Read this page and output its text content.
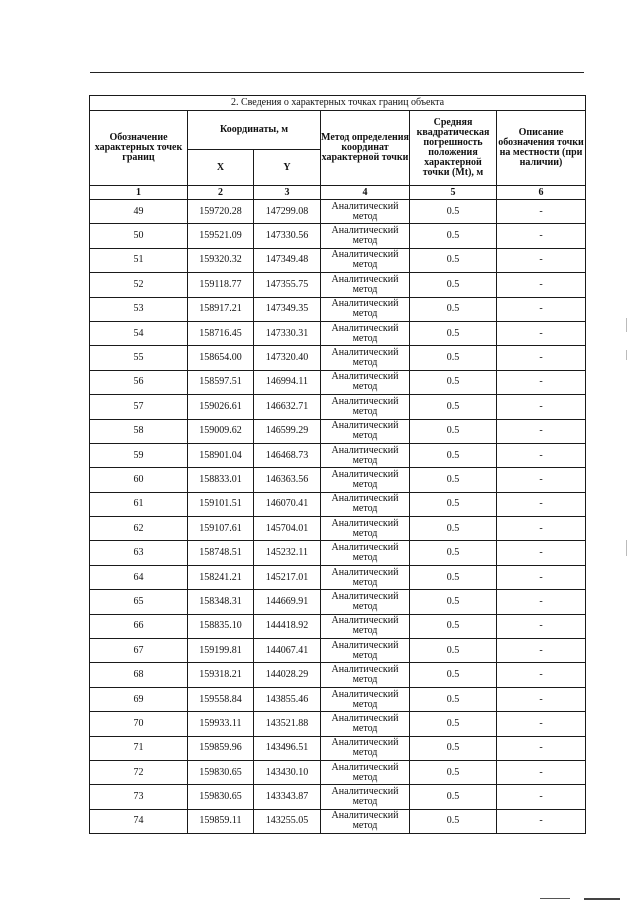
2. Сведения о характерных точках границ объекта					
Обозначение характерных точек границ	Координаты, м		Метод определения координат характерной точки	Средняя квадратическая погрешность положения характерной точки (Mt), м	Описание обозначения точки на местности (при наличии)
	X	Y			
1	2	3	4	5	6
49	159720.28	147299.08	Аналитический метод	0.5	-
50	159521.09	147330.56	Аналитический метод	0.5	-
51	159320.32	147349.48	Аналитический метод	0.5	-
52	159118.77	147355.75	Аналитический метод	0.5	-
53	158917.21	147349.35	Аналитический метод	0.5	-
54	158716.45	147330.31	Аналитический метод	0.5	-
55	158654.00	147320.40	Аналитический метод	0.5	-
56	158597.51	146994.11	Аналитический метод	0.5	-
57	159026.61	146632.71	Аналитический метод	0.5	-
58	159009.62	146599.29	Аналитический метод	0.5	-
59	158901.04	146468.73	Аналитический метод	0.5	-
60	158833.01	146363.56	Аналитический метод	0.5	-
61	159101.51	146070.41	Аналитический метод	0.5	-
62	159107.61	145704.01	Аналитический метод	0.5	-
63	158748.51	145232.11	Аналитический метод	0.5	-
64	158241.21	145217.01	Аналитический метод	0.5	-
65	158348.31	144669.91	Аналитический метод	0.5	-
66	158835.10	144418.92	Аналитический метод	0.5	-
67	159199.81	144067.41	Аналитический метод	0.5	-
68	159318.21	144028.29	Аналитический метод	0.5	-
69	159558.84	143855.46	Аналитический метод	0.5	-
70	159933.11	143521.88	Аналитический метод	0.5	-
71	159859.96	143496.51	Аналитический метод	0.5	-
72	159830.65	143430.10	Аналитический метод	0.5	-
73	159830.65	143343.87	Аналитический метод	0.5	-
74	159859.11	143255.05	Аналитический метод	0.5	-
